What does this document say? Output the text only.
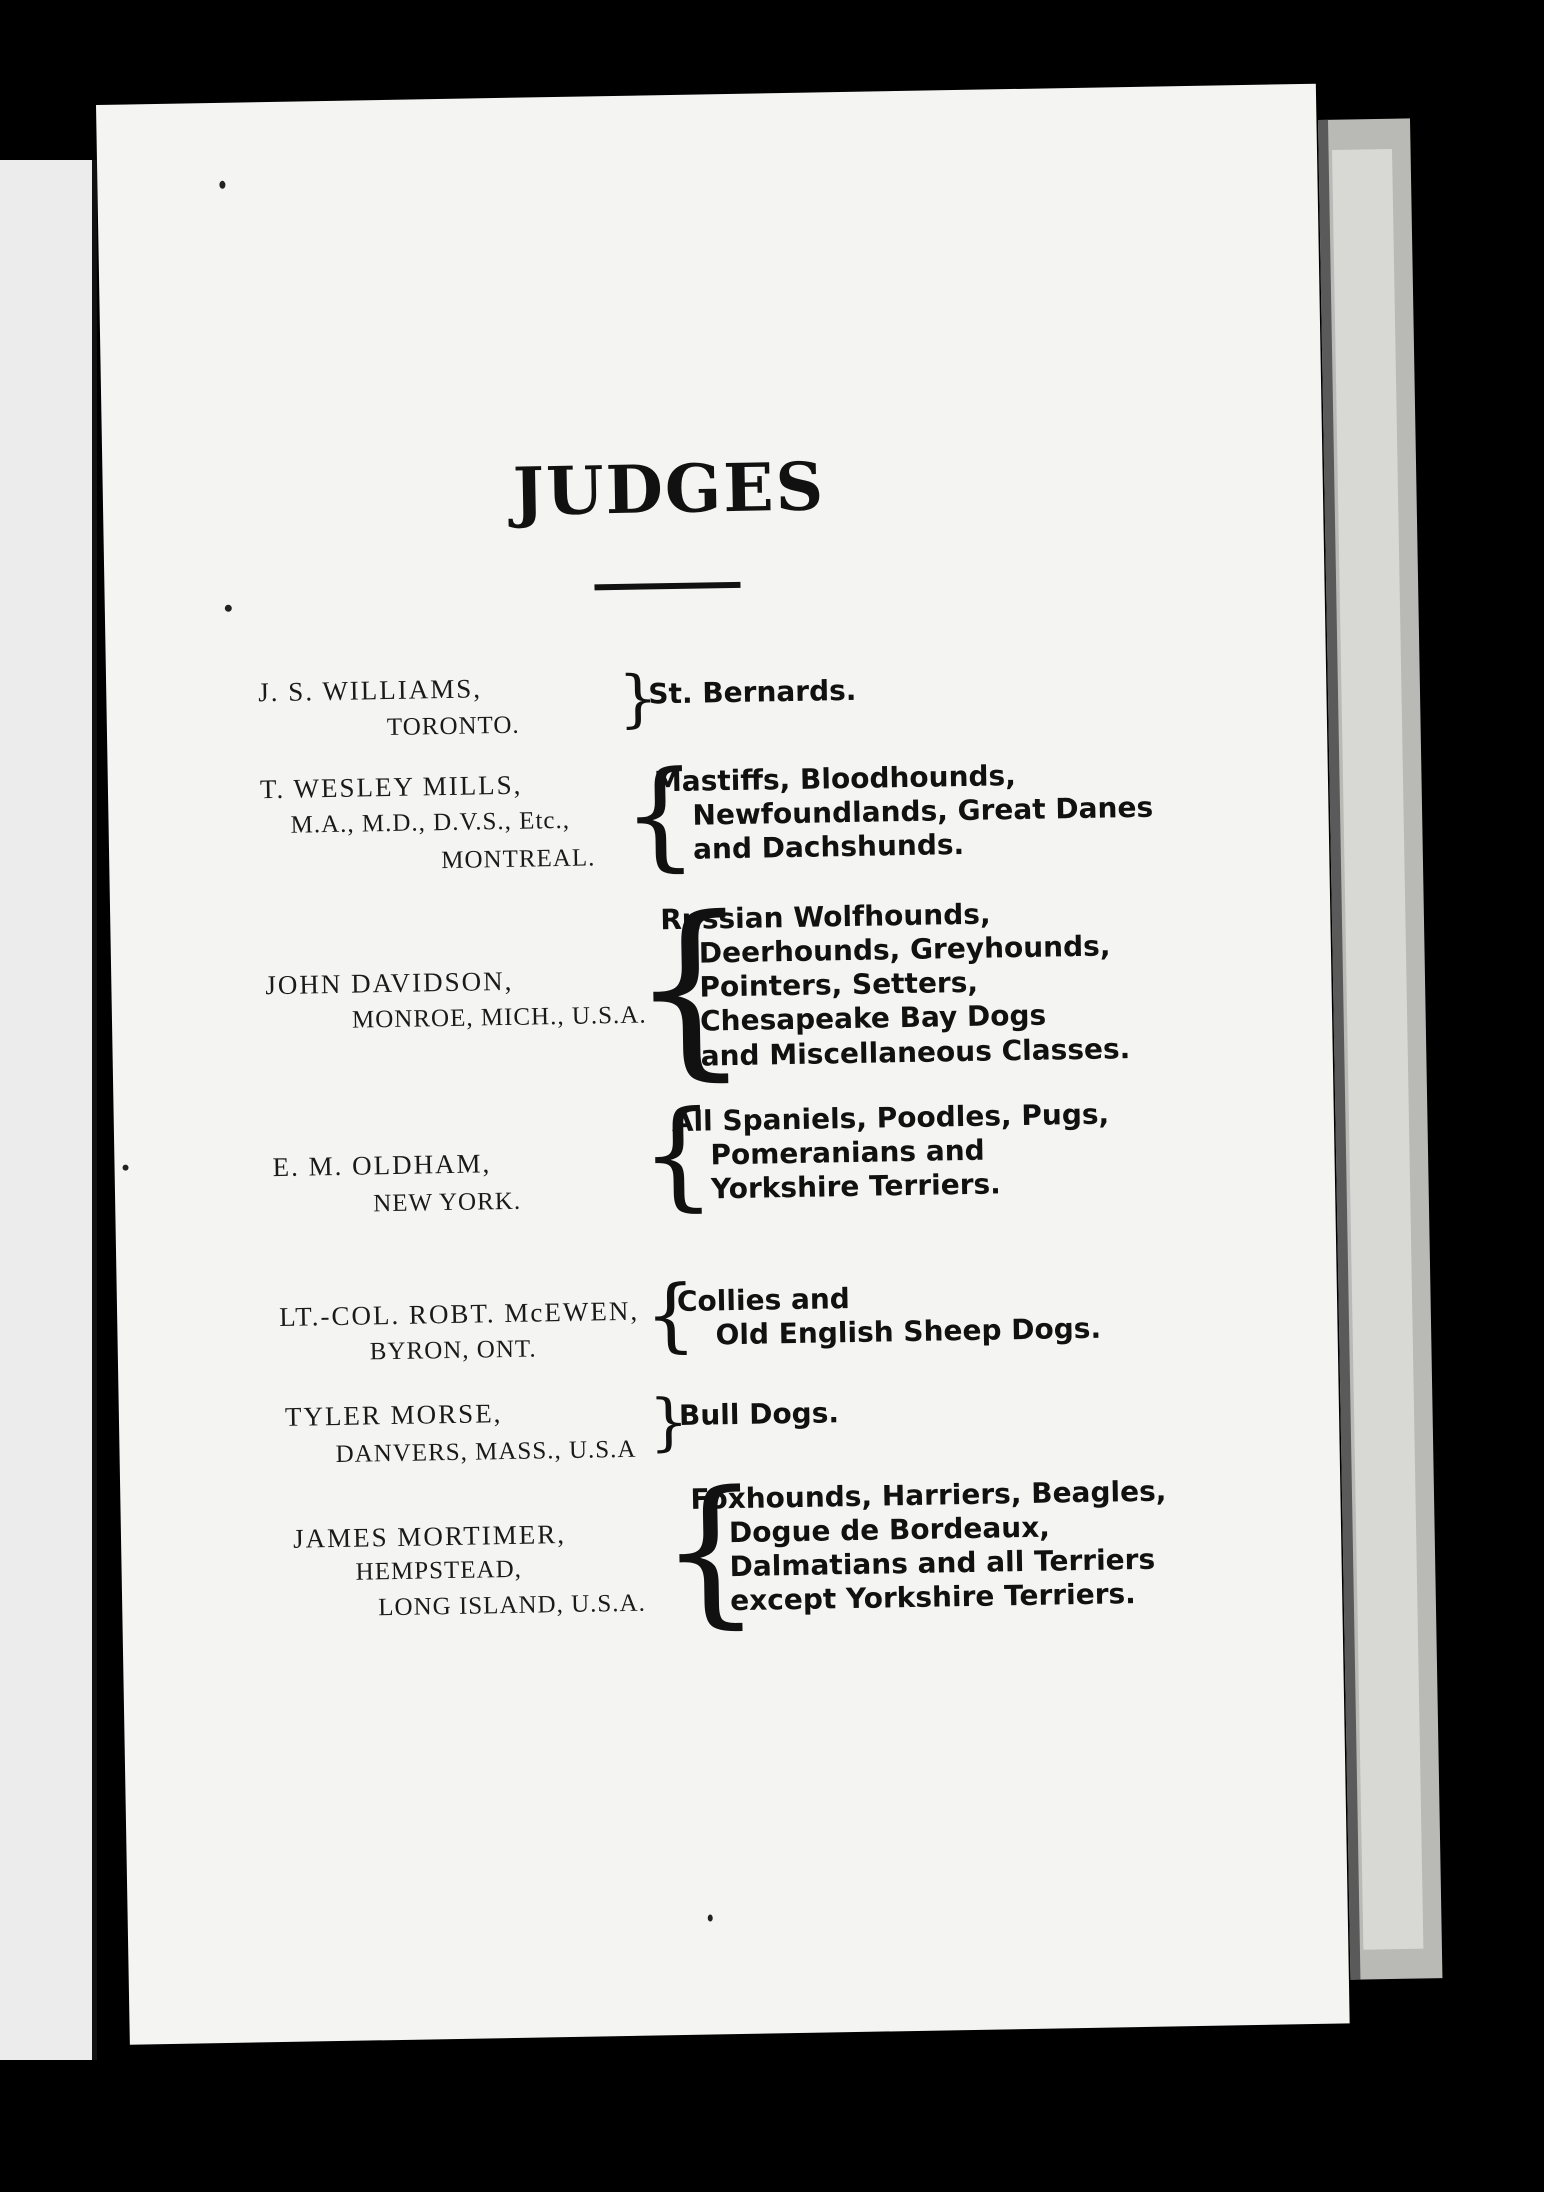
JUDGES
J. S. WILLIAMS,
TORONTO. }
St. Bernards.
T. WESLEY MILLS,
M.A., M.D., D.V.S., Etc.,
MONTREAL. {
Mastiffs, Bloodhounds,
Newfoundlands, Great Danes
and Dachshunds.
JOHN DAVIDSON,
MONROE, MICH., U.S.A.
{
Russian Wolfhounds,
Deerhounds, Greyhounds,
Pointers, Setters,
Chesapeake Bay Dogs
and Miscellaneous Classes.
E. M. OLDHAM,
NEW YORK. {
All Spaniels, Poodles, Pugs,
Pomeranians and
Yorkshire Terriers.
LT.-COL. ROBT. McEWEN,
BYRON, ONT. {
Collies and
Old English Sheep Dogs.
TYLER MORSE,
DANVERS, MASS., U.S.A }
Bull Dogs.
JAMES MORTIMER,
HEMPSTEAD,
LONG ISLAND, U.S.A. {
Foxhounds, Harriers, Beagles,
Dogue de Bordeaux,
Dalmatians and all Terriers
except Yorkshire Terriers.
